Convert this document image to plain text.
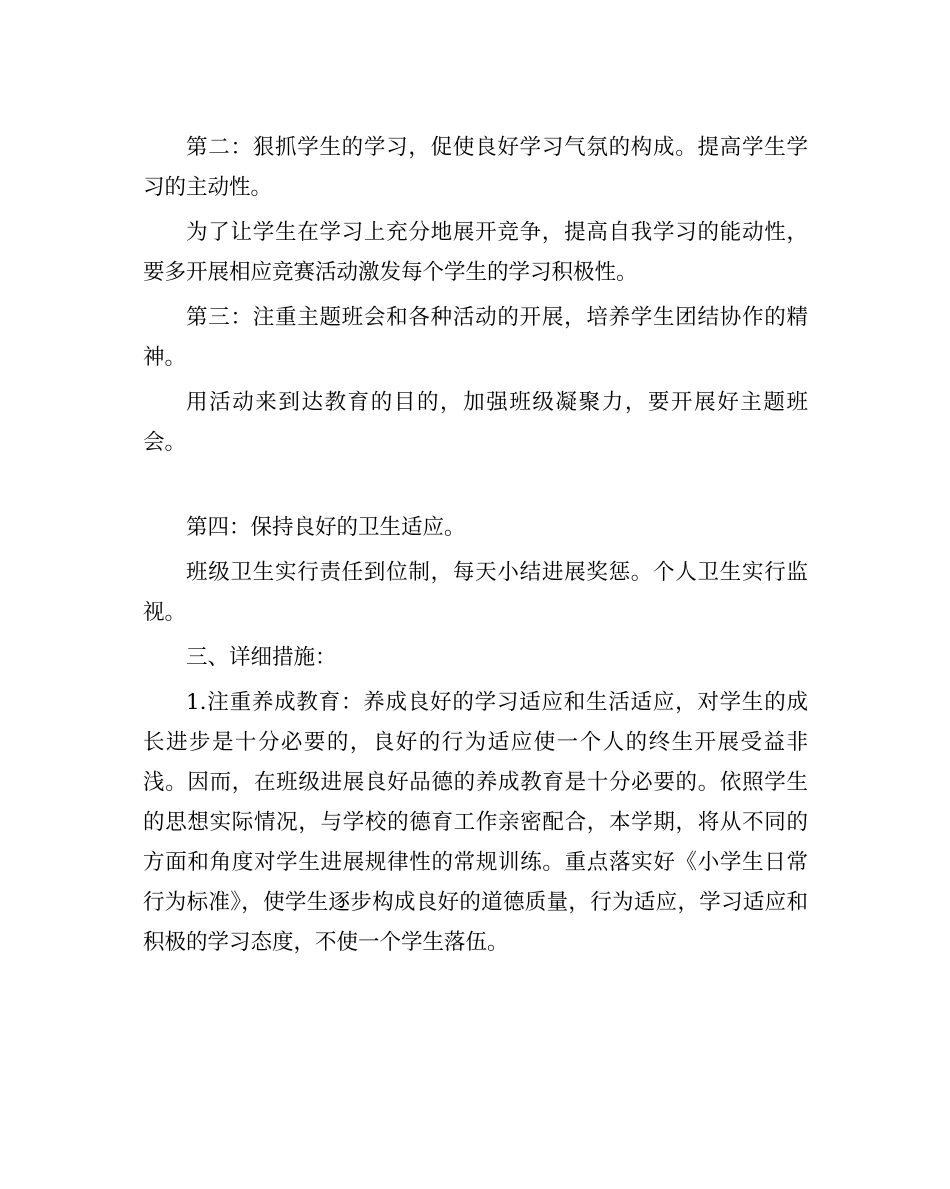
第二：狠抓学生的学习，促使良好学习气氛的构成。提高学生学习的主动性。

为了让学生在学习上充分地展开竞争，提高自我学习的能动性，要多开展相应竞赛活动激发每个学生的学习积极性。

第三：注重主题班会和各种活动的开展，培养学生团结协作的精神。

用活动来到达教育的目的，加强班级凝聚力，要开展好主题班会。

第四：保持良好的卫生适应。

班级卫生实行责任到位制，每天小结进展奖惩。个人卫生实行监视。

三、详细措施：

1.注重养成教育：养成良好的学习适应和生活适应，对学生的成长进步是十分必要的，良好的行为适应使一个人的终生开展受益非浅。因而，在班级进展良好品德的养成教育是十分必要的。依照学生的思想实际情况，与学校的德育工作亲密配合，本学期，将从不同的方面和角度对学生进展规律性的常规训练。重点落实好《小学生日常行为标准》，使学生逐步构成良好的道德质量，行为适应，学习适应和积极的学习态度，不使一个学生落伍。
